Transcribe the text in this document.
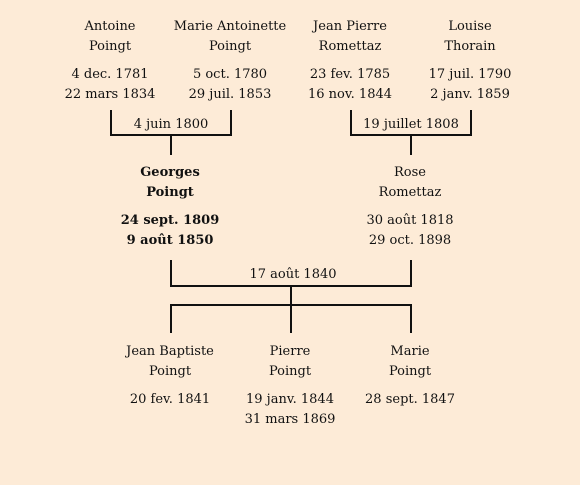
Antoine
Poingt
4 dec. 1781
22 mars 1834
Marie Antoinette
Poingt
5 oct. 1780
29 juil. 1853
Jean Pierre
Romettaz
23 fev. 1785
16 nov. 1844
Louise
Thorain
17 juil. 1790
2 janv. 1859
4 juin 1800	19 juillet 1808
Georges
Poingt
24 sept. 1809
9 août 1850
Rose
Romettaz
30 août 1818
29 oct. 1898
17 août 1840
Jean Baptiste
Poingt
20 fev. 1841
Pierre
Poingt
19 janv. 1844
31 mars 1869
Marie
Poingt
28 sept. 1847
